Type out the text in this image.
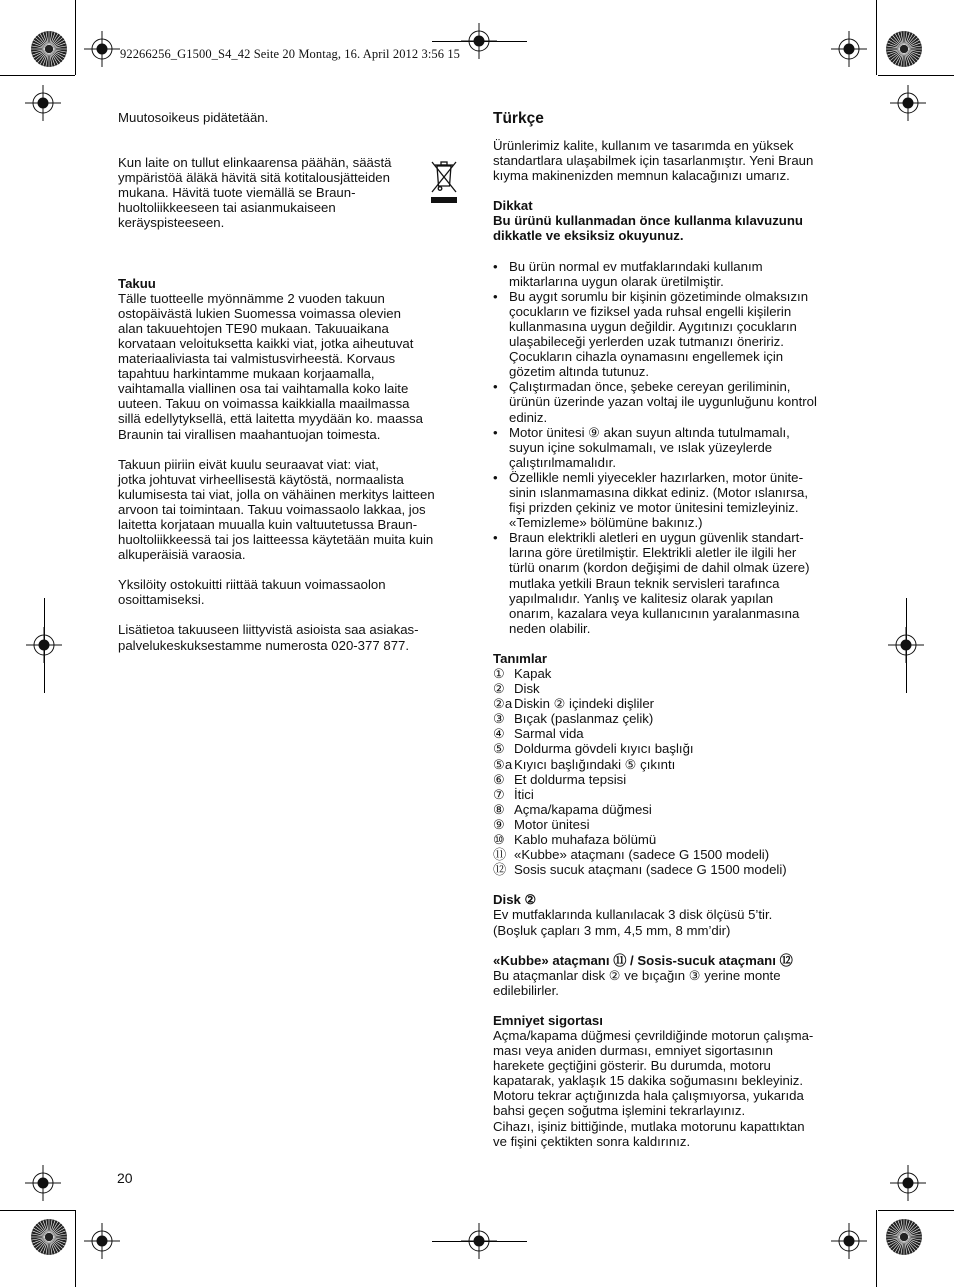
92266256_G1500_S4_42 Seite 20 Montag, 16. April 2012 3:56 15

Muutosoikeus pidätetään.

Kun laite on tullut elinkaarensa päähän, säästä
ympäristöä äläkä hävitä sitä kotitalousjätteiden
mukana. Hävitä tuote viemällä se Braun-
huoltoliikkeeseen tai asianmukaiseen
keräyspisteeseen.

Takuu

Tälle tuotteelle myönnämme 2 vuoden takuun
ostopäivästä lukien Suomessa voimassa olevien
alan takuuehtojen TE90 mukaan. Takuuaikana
korvataan veloituksetta kaikki viat, jotka aiheutuvat
materiaaliviasta tai valmistusvirheestä. Korvaus
tapahtuu harkintamme mukaan korjaamalla,
vaihtamalla viallinen osa tai vaihtamalla koko laite
uuteen. Takuu on voimassa kaikkialla maailmassa
sillä edellytyksellä, että laitetta myydään ko. maassa
Braunin tai virallisen maahantuojan toimesta.
Takuun piiriin eivät kuulu seuraavat viat: viat,
jotka johtuvat virheellisestä käytöstä, normaalista
kulumisesta tai viat, jolla on vähäinen merkitys laitteen
arvoon tai toimintaan. Takuu voimassaolo lakkaa, jos
laitetta korjataan muualla kuin valtuutetussa Braun-
huoltoliikkeessä tai jos laitteessa käytetään muita kuin
alkuperäisiä varaosia.
Yksilöity ostokuitti riittää takuun voimassaolon
osoittamiseksi.
Lisätietoa takuuseen liittyvistä asioista saa asiakas-
palvelukeskuksestamme numerosta 020-377 877.
Türkçe
Ürünlerimiz kalite, kullanım ve tasarımda en yüksek
standartlara ulaşabilmek için tasarlanmıştır. Yeni Braun
kıyma makinenizden memnun kalacağınızı umarız.
Dikkat
Bu ürünü kullanmadan önce kullanma kılavuzunu
dikkatle ve eksiksiz okuyunuz.
• Bu ürün normal ev mutfaklarındaki kullanım
miktarlarına uygun olarak üretilmiştir.
• Bu aygıt sorumlu bir kişinin gözetiminde olmaksızın
çocukların ve fiziksel yada ruhsal engelli kişilerin
kullanmasına uygun değildir. Aygıtınızı çocukların
ulaşabileceği yerlerden uzak tutmanızı öneririz.
Çocukların cihazla oynamasını engellemek için
gözetim altında tutunuz.
• Çalıştırmadan önce, şebeke cereyan geriliminin,
ürünün üzerinde yazan voltaj ile uygunluğunu kontrol
ediniz.
• Motor ünitesi ⑨ akan suyun altında tutulmamalı,
suyun içine sokulmamalı, ve ıslak yüzeylerde
çalıştırılmamalıdır.
• Özellikle nemli yiyecekler hazırlarken, motor ünite-
sinin ıslanmamasına dikkat ediniz. (Motor ıslanırsa,
fişi prizden çekiniz ve motor ünitesini temizleyiniz.
«Temizleme» bölümüne bakınız.)
• Braun elektrikli aletleri en uygun güvenlik standart-
larına göre üretilmiştir. Elektrikli aletler ile ilgili her
türlü onarım (kordon değişimi de dahil olmak üzere)
mutlaka yetkili Braun teknik servisleri tarafınca
yapılmalıdır. Yanlış ve kalitesiz olarak yapılan
onarım, kazalara veya kullanıcının yaralanmasına
neden olabilir.
Tanımlar
① Kapak
② Disk
②a Diskin ② içindeki dişliler
③ Bıçak (paslanmaz çelik)
④ Sarmal vida
⑤ Doldurma gövdeli kıyıcı başlığı
⑤a Kıyıcı başlığındaki ⑤ çıkıntı
⑥ Et doldurma tepsisi
⑦ İtici
⑧ Açma/kapama düğmesi
⑨ Motor ünitesi
⑩ Kablo muhafaza bölümü
⑪ «Kubbe» ataçmanı (sadece G 1500 modeli)
⑫ Sosis sucuk ataçmanı (sadece G 1500 modeli)
Disk ②
Ev mutfaklarında kullanılacak 3 disk ölçüsü 5’tir.
(Boşluk çapları 3 mm, 4,5 mm, 8 mm’dir)
«Kubbe» ataçmanı ⑪ / Sosis-sucuk ataçmanı ⑫
Bu ataçmanlar disk ② ve bıçağın ③ yerine monte
edilebilirler.
Emniyet sigortası
Açma/kapama düğmesi çevrildiğinde motorun çalışma-
ması veya aniden durması, emniyet sigortasının
harekete geçtiğini gösterir. Bu durumda, motoru
kapatarak, yaklaşık 15 dakika soğumasını bekleyiniz.
Motoru tekrar açtığınızda hala çalışmıyorsa, yukarıda
bahsi geçen soğutma işlemini tekrarlayınız.
Cihazı, işiniz bittiğinde, mutlaka motorunu kapattıktan
ve fişini çektikten sonra kaldırınız.
20
